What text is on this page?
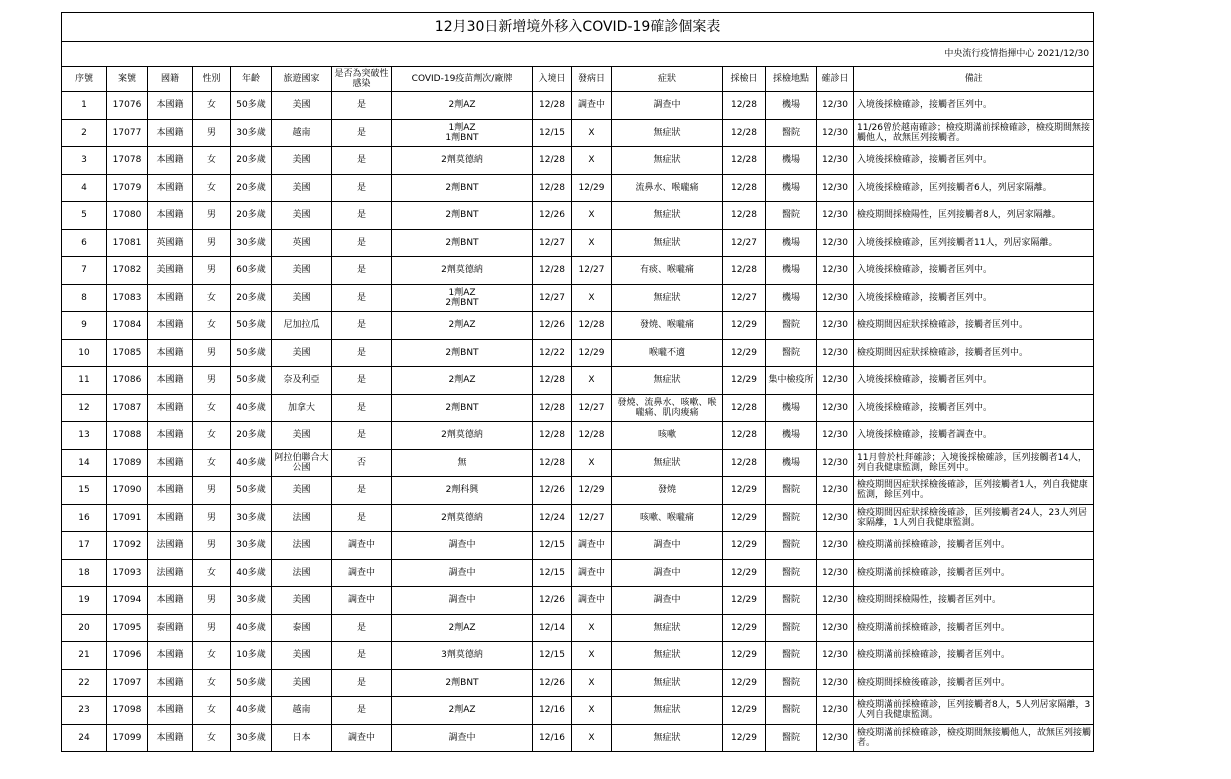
12月30日新增境外移入COVID-19確診個案表														
中央流行疫情指揮中心 2021/12/30														
序號	案號	國籍	性別	年齡	旅遊國家	是否為突破性
感染	COVID-19疫苗劑次/廠牌	入境日	發病日	症狀	採檢日	採檢地點	確診日	備註
1	17076	本國籍	女	50多歲	美國	是	2劑AZ	12/28	調查中	調查中	12/28	機場	12/30	入境後採檢確診，接觸者匡列中。
2	17077	本國籍	男	30多歲	越南	是	1劑AZ
1劑BNT	12/15	X	無症狀	12/28	醫院	12/30	11/26曾於越南確診；檢疫期滿前採檢確診，檢疫期間無接觸他人，故無匡列接觸者。
3	17078	本國籍	女	20多歲	美國	是	2劑莫德納	12/28	X	無症狀	12/28	機場	12/30	入境後採檢確診，接觸者匡列中。
4	17079	本國籍	女	20多歲	美國	是	2劑BNT	12/28	12/29	流鼻水、喉嚨痛	12/28	機場	12/30	入境後採檢確診，匡列接觸者6人，列居家隔離。
5	17080	本國籍	男	20多歲	美國	是	2劑BNT	12/26	X	無症狀	12/28	醫院	12/30	檢疫期間採檢陽性，匡列接觸者8人，列居家隔離。
6	17081	英國籍	男	30多歲	英國	是	2劑BNT	12/27	X	無症狀	12/27	機場	12/30	入境後採檢確診，匡列接觸者11人，列居家隔離。
7	17082	美國籍	男	60多歲	美國	是	2劑莫德納	12/28	12/27	有痰、喉嚨痛	12/28	機場	12/30	入境後採檢確診，接觸者匡列中。
8	17083	本國籍	女	20多歲	美國	是	1劑AZ
2劑BNT	12/27	X	無症狀	12/27	機場	12/30	入境後採檢確診，接觸者匡列中。
9	17084	本國籍	女	50多歲	尼加拉瓜	是	2劑AZ	12/26	12/28	發燒、喉嚨痛	12/29	醫院	12/30	檢疫期間因症狀採檢確診，接觸者匡列中。
10	17085	本國籍	男	50多歲	美國	是	2劑BNT	12/22	12/29	喉嚨不適	12/29	醫院	12/30	檢疫期間因症狀採檢確診，接觸者匡列中。
11	17086	本國籍	男	50多歲	奈及利亞	是	2劑AZ	12/28	X	無症狀	12/29	集中檢疫所	12/30	入境後採檢確診，接觸者匡列中。
12	17087	本國籍	女	40多歲	加拿大	是	2劑BNT	12/28	12/27	發燒、流鼻水、咳嗽、喉嚨痛、肌肉痠痛	12/28	機場	12/30	入境後採檢確診，接觸者匡列中。
13	17088	本國籍	女	20多歲	美國	是	2劑莫德納	12/28	12/28	咳嗽	12/28	機場	12/30	入境後採檢確診，接觸者調查中。
14	17089	本國籍	女	40多歲	阿拉伯聯合大公國	否	無	12/28	X	無症狀	12/28	機場	12/30	11月曾於杜拜確診；入境後採檢確診，匡列接觸者14人，列自我健康監測，餘匡列中。
15	17090	本國籍	男	50多歲	美國	是	2劑科興	12/26	12/29	發燒	12/29	醫院	12/30	檢疫期間因症狀採檢後確診，匡列接觸者1人，列自我健康監測，餘匡列中。
16	17091	本國籍	男	30多歲	法國	是	2劑莫德納	12/24	12/27	咳嗽、喉嚨痛	12/29	醫院	12/30	檢疫期間因症狀採檢後確診，匡列接觸者24人，23人列居家隔離，1人列自我健康監測。
17	17092	法國籍	男	30多歲	法國	調查中	調查中	12/15	調查中	調查中	12/29	醫院	12/30	檢疫期滿前採檢確診，接觸者匡列中。
18	17093	法國籍	女	40多歲	法國	調查中	調查中	12/15	調查中	調查中	12/29	醫院	12/30	檢疫期滿前採檢確診，接觸者匡列中。
19	17094	本國籍	男	30多歲	美國	調查中	調查中	12/26	調查中	調查中	12/29	醫院	12/30	檢疫期間採檢陽性，接觸者匡列中。
20	17095	泰國籍	男	40多歲	泰國	是	2劑AZ	12/14	X	無症狀	12/29	醫院	12/30	檢疫期滿前採檢確診，接觸者匡列中。
21	17096	本國籍	女	10多歲	美國	是	3劑莫德納	12/15	X	無症狀	12/29	醫院	12/30	檢疫期滿前採檢確診，接觸者匡列中。
22	17097	本國籍	女	50多歲	美國	是	2劑BNT	12/26	X	無症狀	12/29	醫院	12/30	檢疫期間採檢後確診，接觸者匡列中。
23	17098	本國籍	女	40多歲	越南	是	2劑AZ	12/16	X	無症狀	12/29	醫院	12/30	檢疫期滿前採檢確診，匡列接觸者8人，5人列居家隔離，3人列自我健康監測。
24	17099	本國籍	女	30多歲	日本	調查中	調查中	12/16	X	無症狀	12/29	醫院	12/30	檢疫期滿前採檢確診，檢疫期間無接觸他人，故無匡列接觸者。
